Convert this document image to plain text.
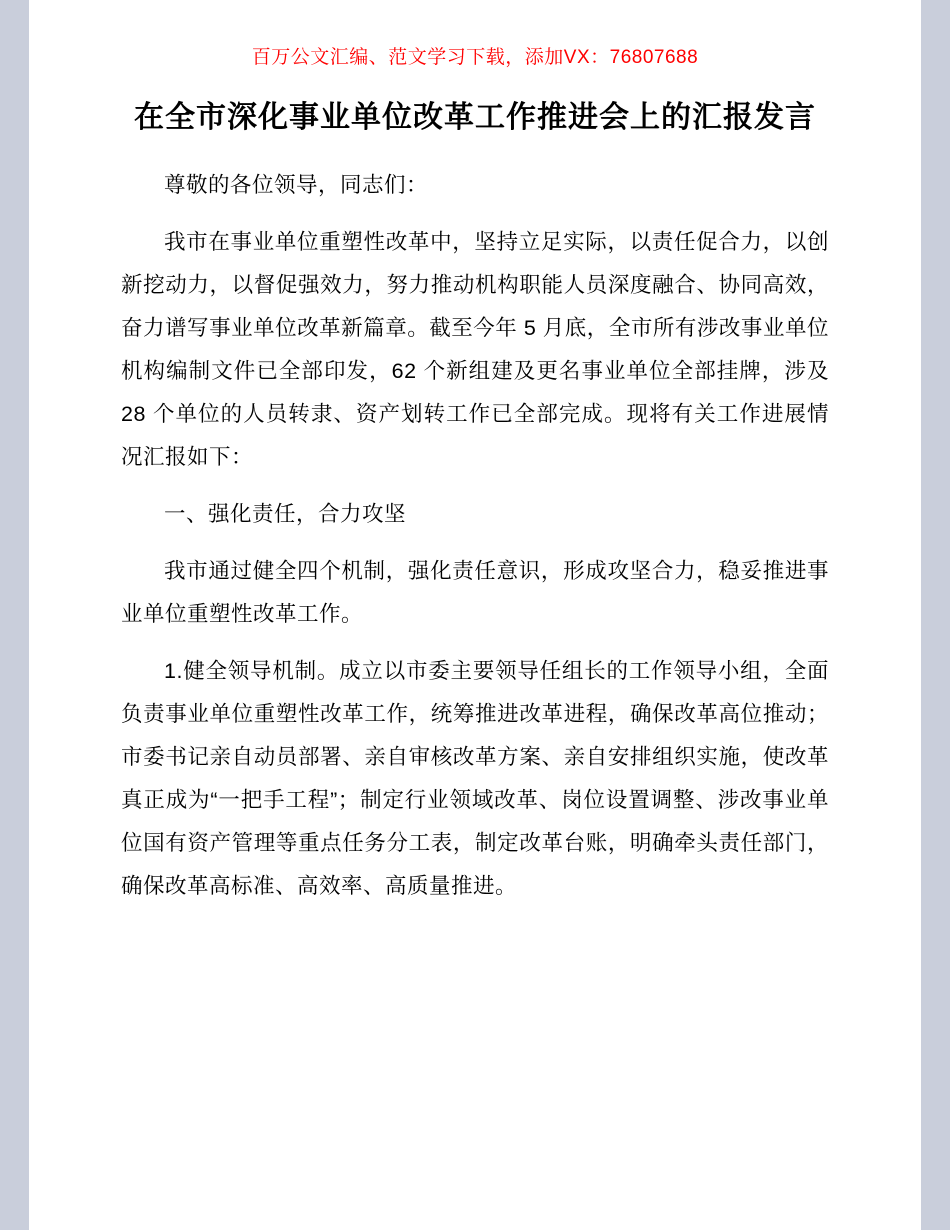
百万公文汇编、范文学习下载，添加VX：76807688

在全市深化事业单位改革工作推进会上的汇报发言

尊敬的各位领导，同志们：

我市在事业单位重塑性改革中，坚持立足实际，以责任促合力，以创新挖动力，以督促强效力，努力推动机构职能人员深度融合、协同高效，奋力谱写事业单位改革新篇章。截至今年 5 月底，全市所有涉改事业单位机构编制文件已全部印发，62 个新组建及更名事业单位全部挂牌，涉及 28 个单位的人员转隶、资产划转工作已全部完成。现将有关工作进展情况汇报如下：

一、强化责任，合力攻坚

我市通过健全四个机制，强化责任意识，形成攻坚合力，稳妥推进事业单位重塑性改革工作。

1.健全领导机制。成立以市委主要领导任组长的工作领导小组，全面负责事业单位重塑性改革工作，统筹推进改革进程，确保改革高位推动；市委书记亲自动员部署、亲自审核改革方案、亲自安排组织实施，使改革真正成为“一把手工程”；制定行业领域改革、岗位设置调整、涉改事业单位国有资产管理等重点任务分工表，制定改革台账，明确牵头责任部门，确保改革高标准、高效率、高质量推进。
